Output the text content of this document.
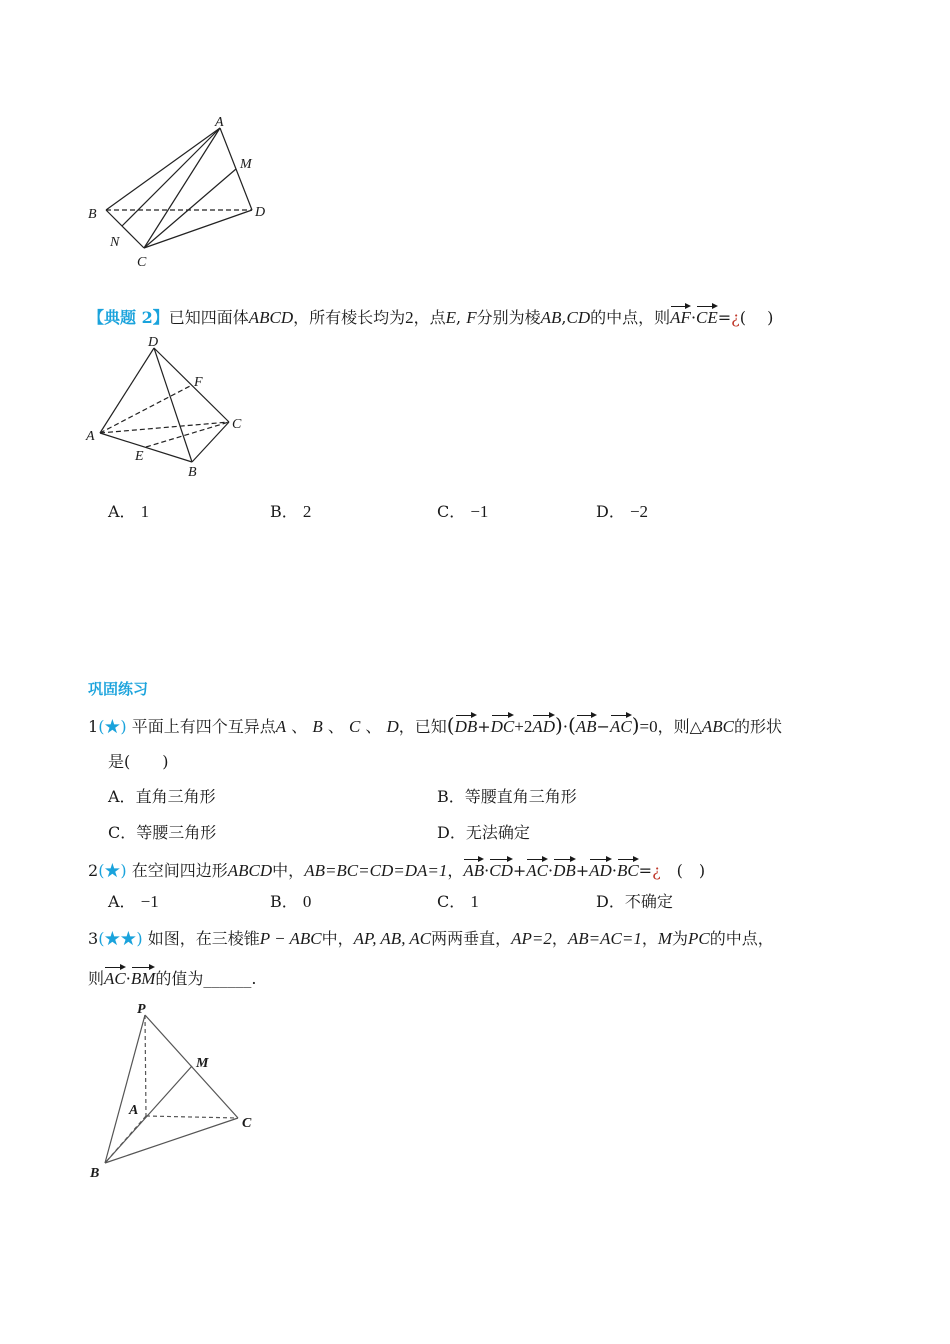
A
M
B	D
N
C
【典题 2】已知四面体ABCD，所有棱长均为2，点E, F分别为棱AB,CD的中点，则AF·CE=¿(　 )
D
F
A
C
E
B
A． 1	B． 2	C． −1	D． −2
巩固练习
1(★) 平面上有四个互异点A 、 B 、 C 、 D，已知(DB+DC+2AD)·(AB−AC)=0，则△ABC的形状
是(　　)
A．直角三角形	B．等腰直角三角形
C．等腰三角形	D．无法确定
2(★) 在空间四边形ABCD中，AB=BC=CD=DA=1，AB·CD+AC·DB+AD·BC=¿　 (　)
A． −1	B． 0	C． 1	D．不确定
3(★★) 如图，在三棱锥P − ABC中，AP, AB, AC两两垂直，AP=2，AB=AC=1，M为PC的中点，
则AC·BM的值为______.
P
M
A
C
B
